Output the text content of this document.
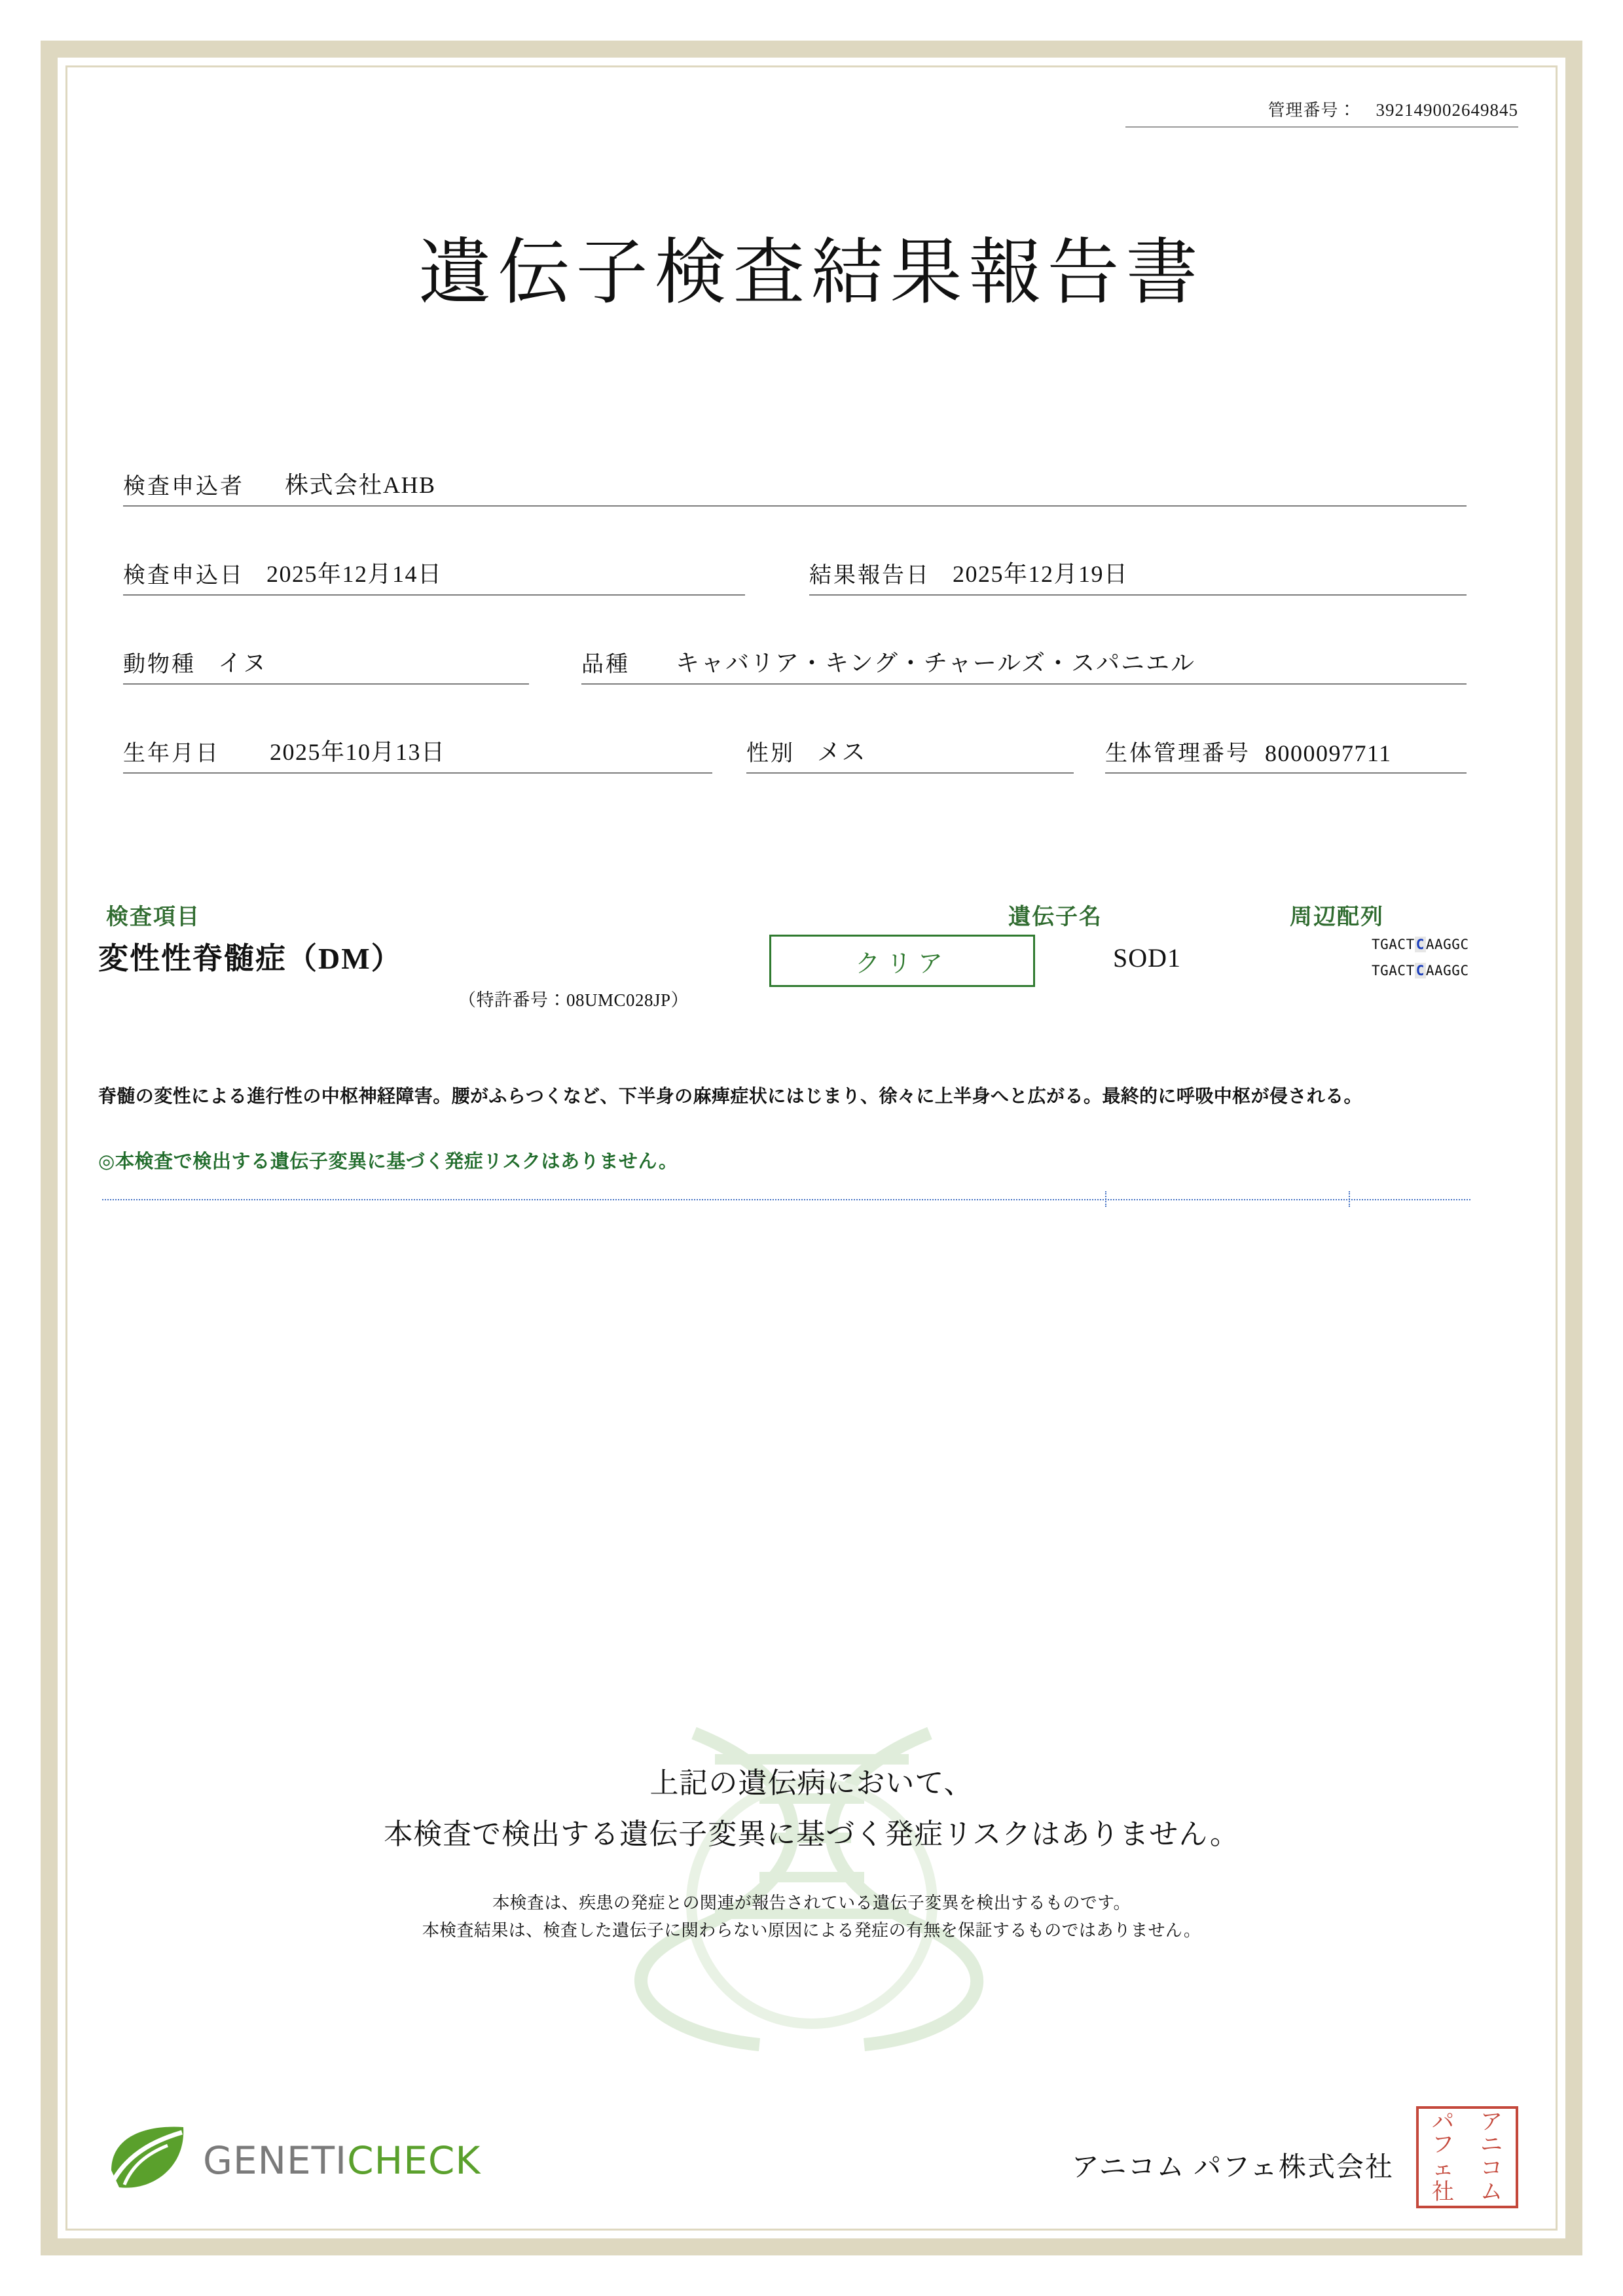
管理番号： 392149002649845
遺伝子検査結果報告書
検査申込者 株式会社AHB
検査申込日 2025年12月14日	結果報告日 2025年12月19日
動物種 イヌ	品種 キャバリア・キング・チャールズ・スパニエル
生年月日 2025年10月13日	性別 メス	生体管理番号 8000097711
検査項目	遺伝子名	周辺配列
変性性脊髄症（DM）
（特許番号：08UMC028JP）
クリア	SOD1	TGACTCAAGGC
TGACTCAAGGC
脊髄の変性による進行性の中枢神経障害。腰がふらつくなど、下半身の麻痺症状にはじまり、徐々に上半身へと広がる。最終的に呼吸中枢が侵される。
◎本検査で検出する遺伝子変異に基づく発症リスクはありません。
上記の遺伝病において、
本検査で検出する遺伝子変異に基づく発症リスクはありません。
本検査は、疾患の発症との関連が報告されている遺伝子変異を検出するものです。
本検査結果は、検査した遺伝子に関わらない原因による発症の有無を保証するものではありません。
GENETICHECK	アニコム パフェ株式会社
パ	ア
フ	ニ
ェ	コ
社	ム
